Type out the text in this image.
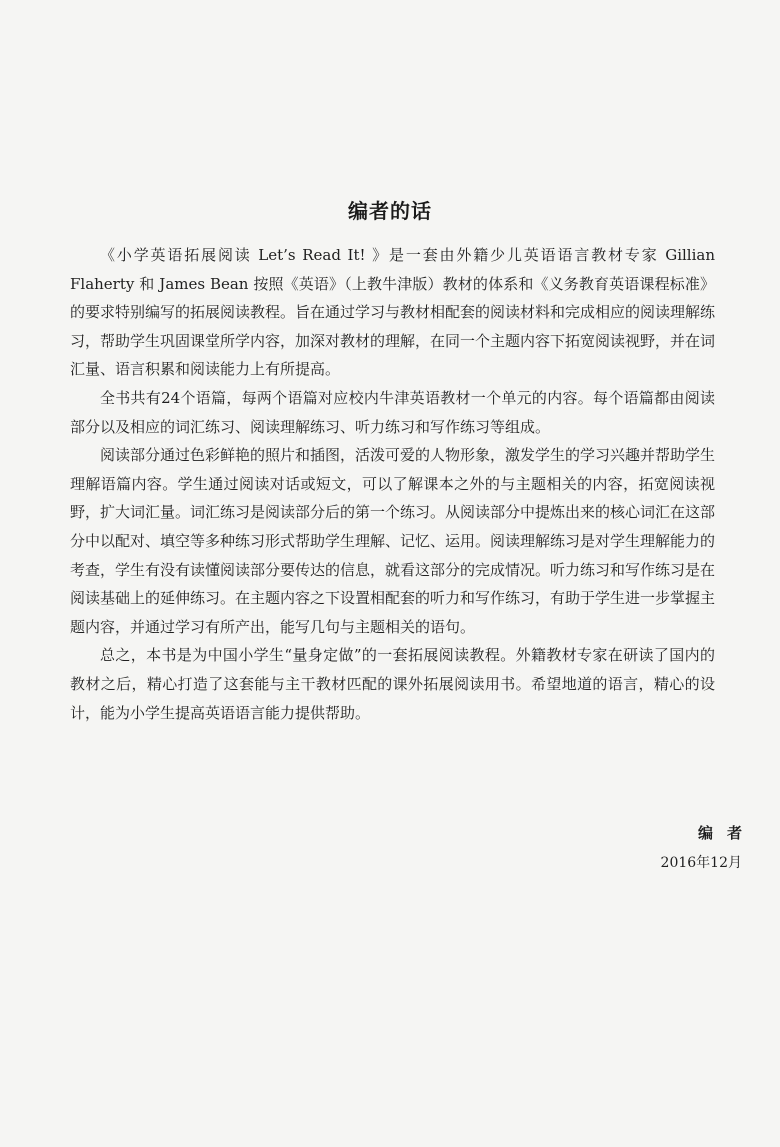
编者的话

《小学英语拓展阅读 Let’s Read It! 》是一套由外籍少儿英语语言教材专家 Gillian Flaherty 和 James Bean 按照《英语》（上教牛津版）教材的体系和《义务教育英语课程标准》的要求特别编写的拓展阅读教程。旨在通过学习与教材相配套的阅读材料和完成相应的阅读理解练习，帮助学生巩固课堂所学内容，加深对教材的理解，在同一个主题内容下拓宽阅读视野，并在词汇量、语言积累和阅读能力上有所提高。

全书共有24个语篇，每两个语篇对应校内牛津英语教材一个单元的内容。每个语篇都由阅读部分以及相应的词汇练习、阅读理解练习、听力练习和写作练习等组成。

阅读部分通过色彩鲜艳的照片和插图，活泼可爱的人物形象，激发学生的学习兴趣并帮助学生理解语篇内容。学生通过阅读对话或短文，可以了解课本之外的与主题相关的内容，拓宽阅读视野，扩大词汇量。词汇练习是阅读部分后的第一个练习。从阅读部分中提炼出来的核心词汇在这部分中以配对、填空等多种练习形式帮助学生理解、记忆、运用。阅读理解练习是对学生理解能力的考查，学生有没有读懂阅读部分要传达的信息，就看这部分的完成情况。听力练习和写作练习是在阅读基础上的延伸练习。在主题内容之下设置相配套的听力和写作练习，有助于学生进一步掌握主题内容，并通过学习有所产出，能写几句与主题相关的语句。

总之，本书是为中国小学生“量身定做”的一套拓展阅读教程。外籍教材专家在研读了国内的教材之后，精心打造了这套能与主干教材匹配的课外拓展阅读用书。希望地道的语言，精心的设计，能为小学生提高英语语言能力提供帮助。

编者
2016年12月
